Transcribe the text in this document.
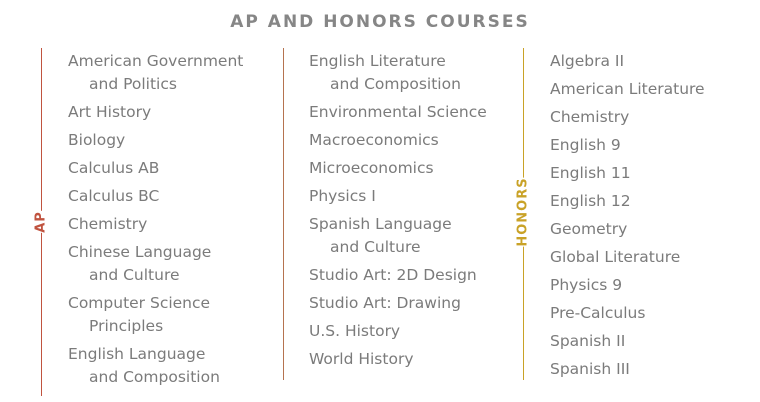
AP AND HONORS COURSES
AP	HONORS
American Government
and Politics
Art History
Biology
Calculus AB
Calculus BC
Chemistry
Chinese Language
and Culture
Computer Science
Principles
English Language
and Composition
English Literature
and Composition
Environmental Science
Macroeconomics
Microeconomics
Physics I
Spanish Language
and Culture
Studio Art: 2D Design
Studio Art: Drawing
U.S. History
World History
Algebra II
American Literature
Chemistry
English 9
English 11
English 12
Geometry
Global Literature
Physics 9
Pre-Calculus
Spanish II
Spanish III
